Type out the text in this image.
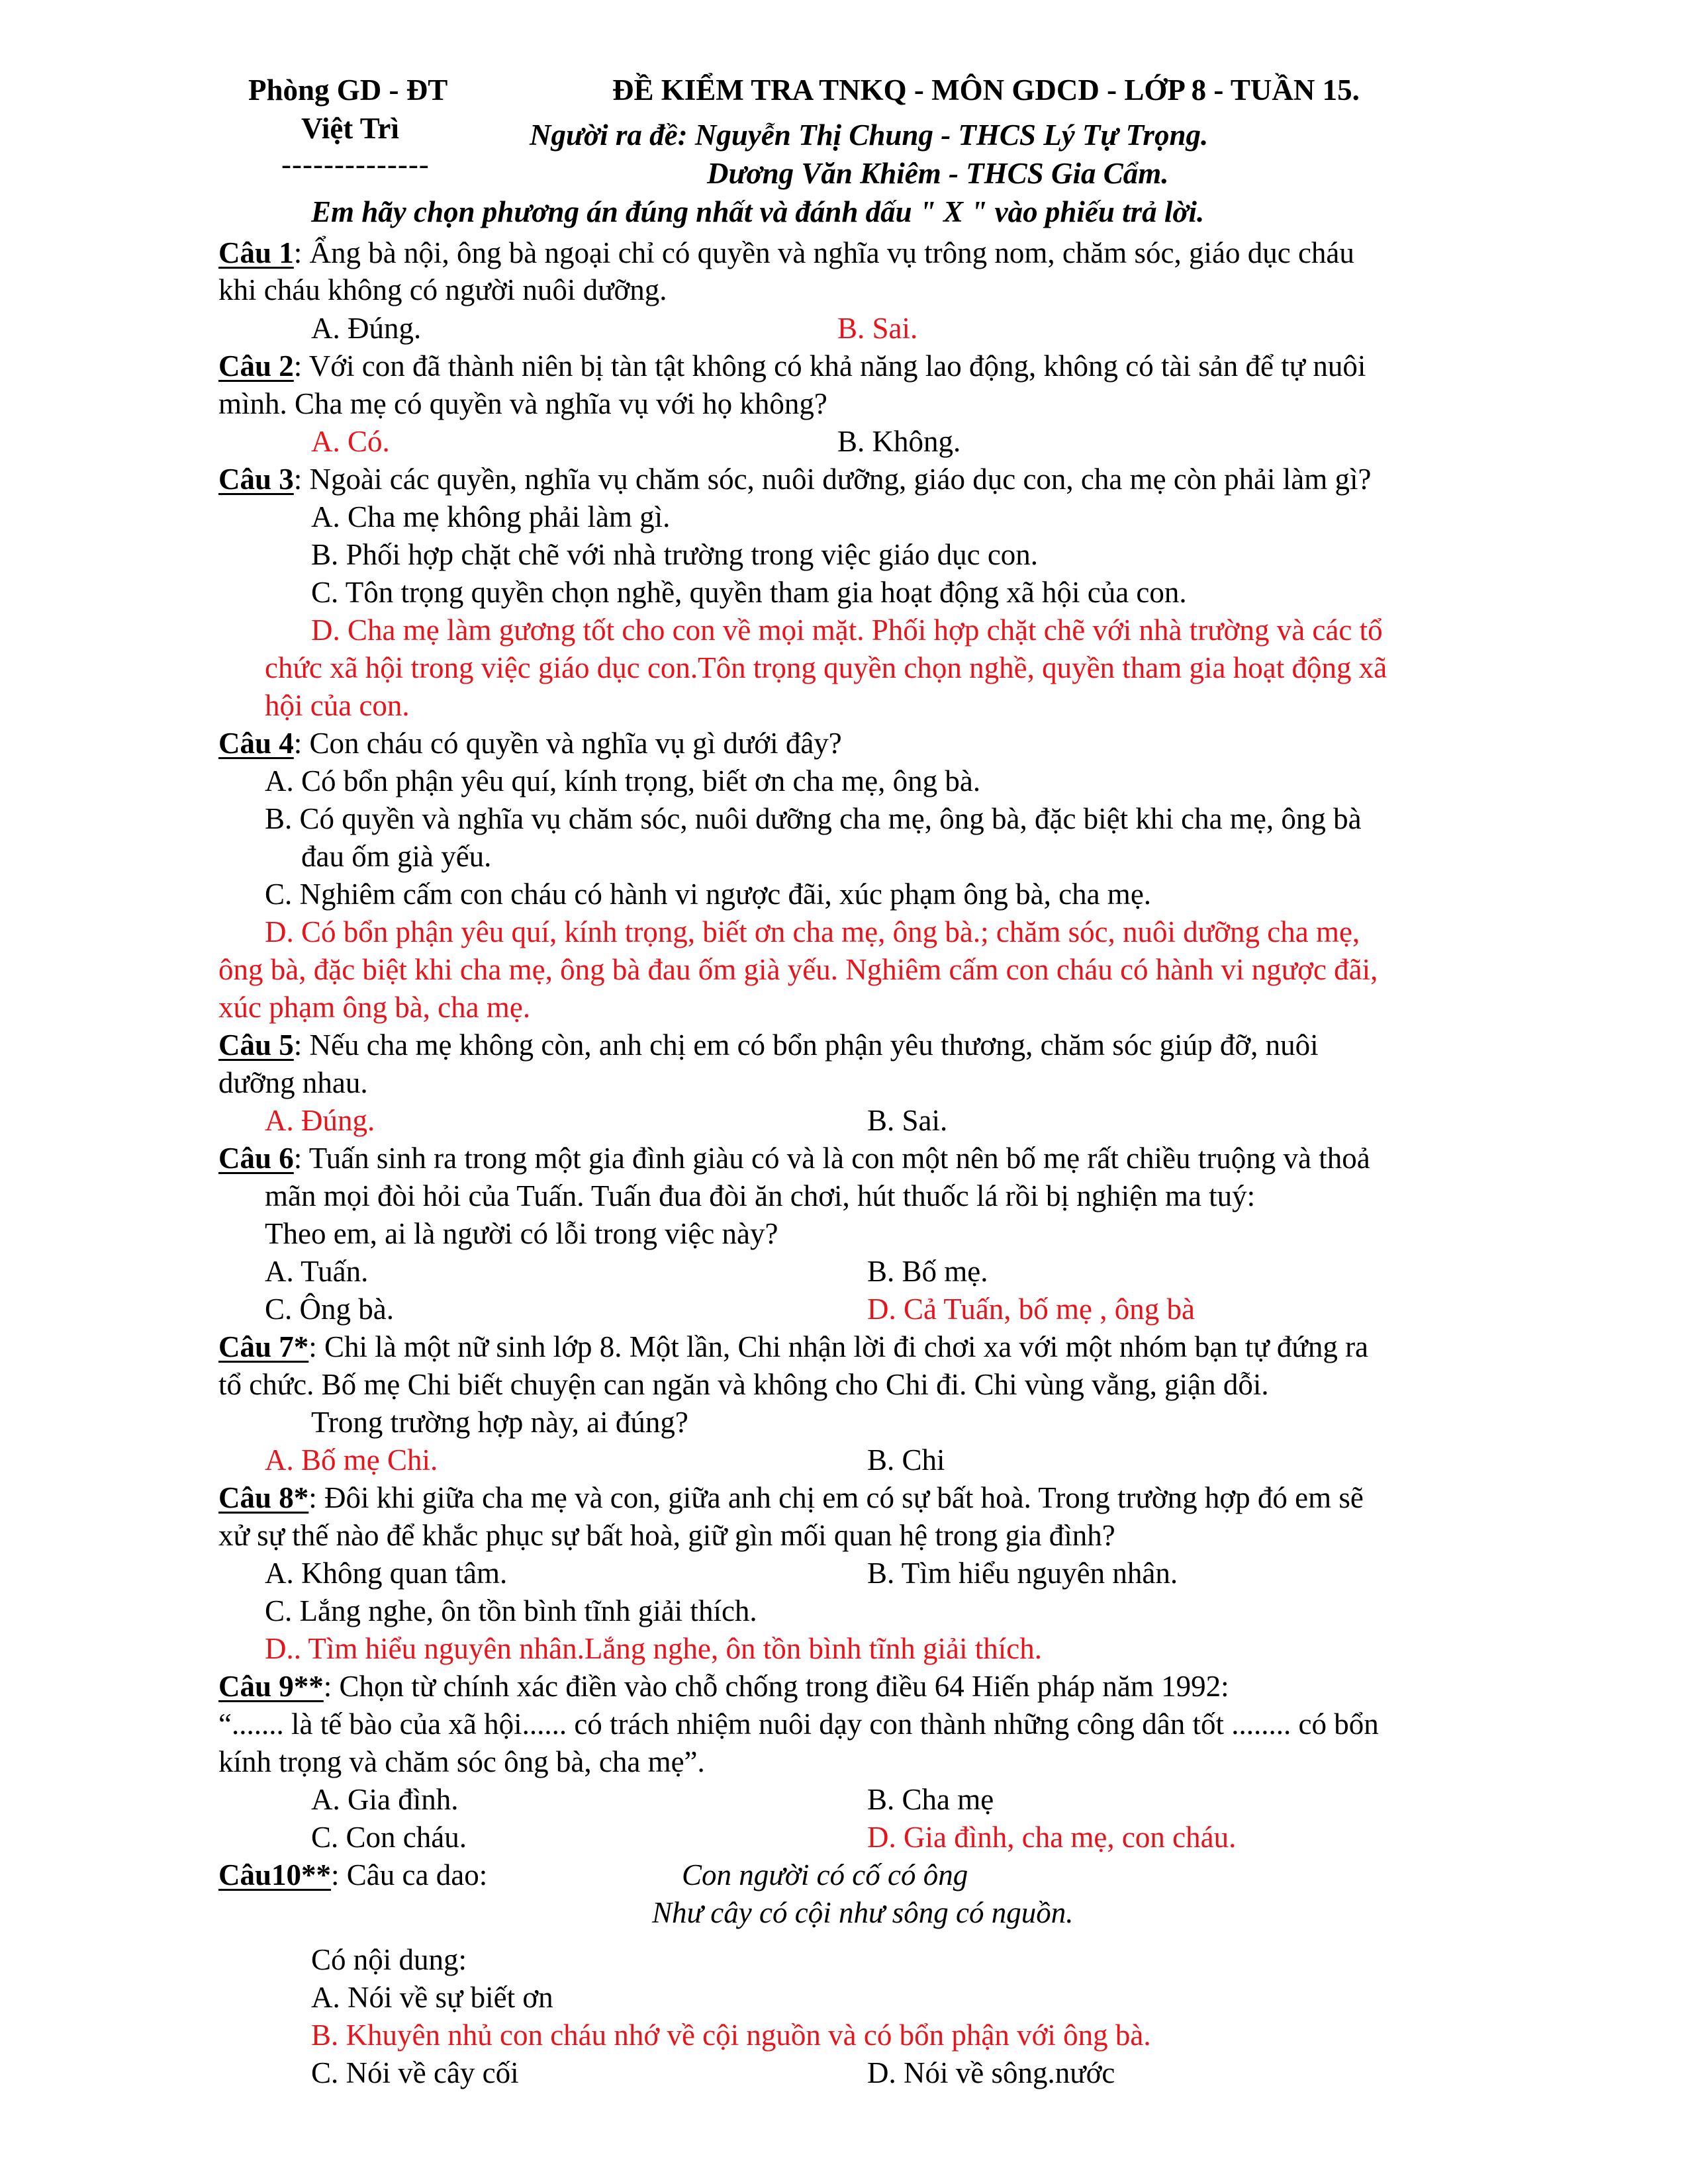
Phòng GD - ĐT
Việt Trì
--------------
ĐỀ KIỂM TRA TNKQ - MÔN GDCD - LỚP 8 - TUẦN 15.
Người ra đề: Nguyễn Thị Chung - THCS Lý Tự Trọng.
Dương Văn Khiêm - THCS Gia Cẩm.
Em hãy chọn phương án đúng nhất và đánh dấu " X " vào phiếu trả lời.
Câu 1: Ẩng bà nội, ông bà ngoại chỉ có quyền và nghĩa vụ trông nom, chăm sóc, giáo dục cháu
khi cháu không có người nuôi dưỡng.
A. Đúng.	B. Sai.
Câu 2: Với con đã thành niên bị tàn tật không có khả năng lao động, không có tài sản để tự nuôi
mình. Cha mẹ có quyền và nghĩa vụ với họ không?
A. Có.	B. Không.
Câu 3: Ngoài các quyền, nghĩa vụ chăm sóc, nuôi dưỡng, giáo dục con, cha mẹ còn phải làm gì?
A. Cha mẹ không phải làm gì.
B. Phối hợp chặt chẽ với nhà trường trong việc giáo dục con.
C. Tôn trọng quyền chọn nghề, quyền tham gia hoạt động xã hội của con.
D. Cha mẹ làm gương tốt cho con về mọi mặt. Phối hợp chặt chẽ với nhà trường và các tổ
chức xã hội trong việc giáo dục con.Tôn trọng quyền chọn nghề, quyền tham gia hoạt động xã
hội của con.
Câu 4: Con cháu có quyền và nghĩa vụ gì dưới đây?
A. Có bổn phận yêu quí, kính trọng, biết ơn cha mẹ, ông bà.
B. Có quyền và nghĩa vụ chăm sóc, nuôi dưỡng cha mẹ, ông bà, đặc biệt khi cha mẹ, ông bà
đau ốm già yếu.
C. Nghiêm cấm con cháu có hành vi ngược đãi, xúc phạm ông bà, cha mẹ.
D. Có bổn phận yêu quí, kính trọng, biết ơn cha mẹ, ông bà.; chăm sóc, nuôi dưỡng cha mẹ,
ông bà, đặc biệt khi cha mẹ, ông bà đau ốm già yếu. Nghiêm cấm con cháu có hành vi ngược đãi,
xúc phạm ông bà, cha mẹ.
Câu 5: Nếu cha mẹ không còn, anh chị em có bổn phận yêu thương, chăm sóc giúp đỡ, nuôi
dưỡng nhau.
A. Đúng.	B. Sai.
Câu 6: Tuấn sinh ra trong một gia đình giàu có và là con một nên bố mẹ rất chiều truộng và thoả
mãn mọi đòi hỏi của Tuấn. Tuấn đua đòi ăn chơi, hút thuốc lá rồi bị nghiện ma tuý:
Theo em, ai là người có lỗi trong việc này?
A. Tuấn.	B. Bố mẹ.
C. Ông bà.	D. Cả Tuấn, bố mẹ , ông bà
Câu 7*: Chi là một nữ sinh lớp 8. Một lần, Chi nhận lời đi chơi xa với một nhóm bạn tự đứng ra
tổ chức. Bố mẹ Chi biết chuyện can ngăn và không cho Chi đi. Chi vùng vằng, giận dỗi.
Trong trường hợp này, ai đúng?
A. Bố mẹ Chi.	B. Chi
Câu 8*: Đôi khi giữa cha mẹ và con, giữa anh chị em có sự bất hoà. Trong trường hợp đó em sẽ
xử sự thế nào để khắc phục sự bất hoà, giữ gìn mối quan hệ trong gia đình?
A. Không quan tâm.	B. Tìm hiểu nguyên nhân.
C. Lắng nghe, ôn tồn bình tĩnh giải thích.
D.. Tìm hiểu nguyên nhân.Lắng nghe, ôn tồn bình tĩnh giải thích.
Câu 9**: Chọn từ chính xác điền vào chỗ chống trong điều 64 Hiến pháp năm 1992:
“....... là tế bào của xã hội...... có trách nhiệm nuôi dạy con thành những công dân tốt ........ có bổn
kính trọng và chăm sóc ông bà, cha mẹ”.
A. Gia đình.	B. Cha mẹ
C. Con cháu.	D. Gia đình, cha mẹ, con cháu.
Câu10**: Câu ca dao:	Con người có cố có ông
Như cây có cội như sông có nguồn.
Có nội dung:
A. Nói về sự biết ơn
B. Khuyên nhủ con cháu nhớ về cội nguồn và có bổn phận với ông bà.
C. Nói về cây cối	D. Nói về sông.nước
